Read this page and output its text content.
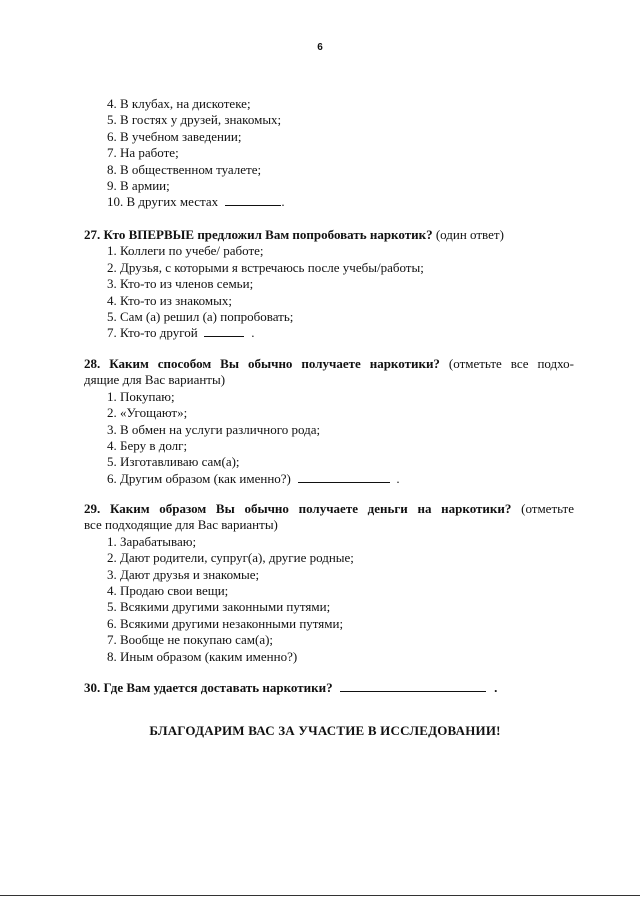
6
4. В клубах, на дискотеке;
5. В гостях у друзей, знакомых;
6. В учебном заведении;
7. На работе;
8. В общественном туалете;
9. В армии;
10. В других местах	.
27. Кто ВПЕРВЫЕ предложил Вам попробовать наркотик? (один ответ)
1. Коллеги по учебе/ работе;
2. Друзья, с которыми я встречаюсь после учебы/работы;
3. Кто-то из членов семьи;
4. Кто-то из знакомых;
5. Сам (а) решил (а) попробовать;
7. Кто-то другой	.
28. Каким способом Вы обычно получаете наркотики? (отметьте все подхо-
дящие для Вас варианты)
1. Покупаю;
2. «Угощают»;
3. В обмен на услуги различного рода;
4. Беру в долг;
5. Изготавливаю сам(а);
6. Другим образом (как именно?)	.
29. Каким образом Вы обычно получаете деньги на наркотики? (отметьте
все подходящие для Вас варианты)
1. Зарабатываю;
2. Дают родители, супруг(а), другие родные;
3. Дают друзья и знакомые;
4. Продаю свои вещи;
5. Всякими другими законными путями;
6. Всякими другими незаконными путями;
7. Вообще не покупаю сам(а);
8. Иным образом (каким именно?)
30. Где Вам удается доставать наркотики?	.
БЛАГОДАРИМ ВАС ЗА УЧАСТИЕ В ИССЛЕДОВАНИИ!
